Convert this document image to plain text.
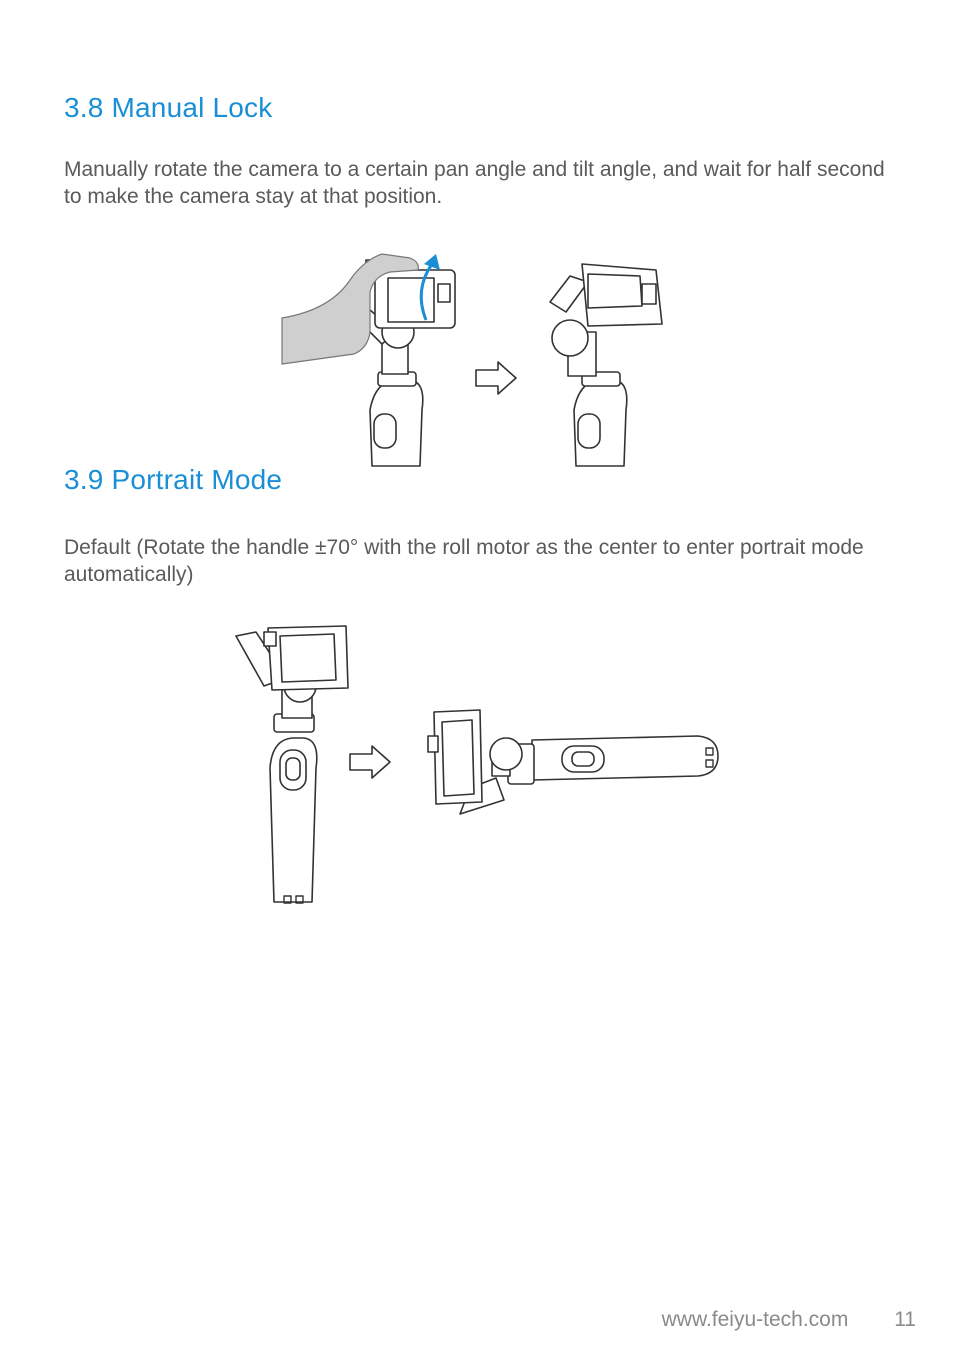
3.8 Manual Lock

Manually rotate the camera to a certain pan angle and tilt angle, and wait for half second to make the camera stay at that position.

3.9 Portrait Mode

Default (Rotate the handle ±70° with the roll motor as the center to enter portrait mode automatically)

www.feiyu-tech.com 11
